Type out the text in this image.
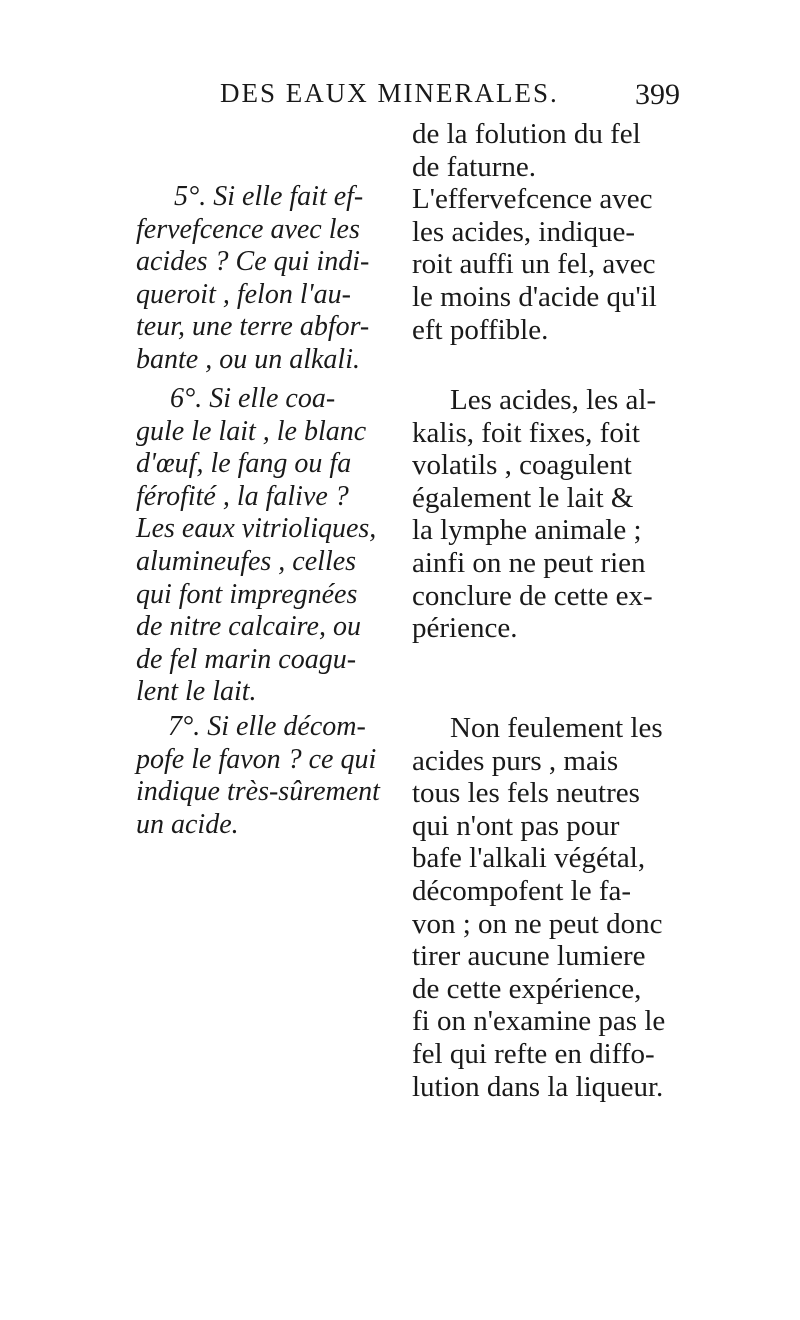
DES EAUX MINERALES.	399
5°. Si elle fait ef-
fervefcence avec les
acides ? Ce qui indi-
queroit , felon l'au-
teur, une terre abfor-
bante , ou un alkali.
6°. Si elle coa-
gule le lait , le blanc
d'œuf, le fang ou fa
férofité , la falive ?
Les eaux vitrioliques,
alumineufes , celles
qui font impregnées
de nitre calcaire, ou
de fel marin coagu-
lent le lait.
7°. Si elle décom-
pofe le favon ? ce qui
indique très-sûrement
un acide.
de la folution du fel
de faturne.
L'effervefcence avec
les acides, indique-
roit auffi un fel, avec
le moins d'acide qu'il
eft poffible.
Les acides, les al-
kalis, foit fixes, foit
volatils , coagulent
également le lait &
la lymphe animale ;
ainfi on ne peut rien
conclure de cette ex-
périence.
Non feulement les
acides purs , mais
tous les fels neutres
qui n'ont pas pour
bafe l'alkali végétal,
décompofent le fa-
von ; on ne peut donc
tirer aucune lumiere
de cette expérience,
fi on n'examine pas le
fel qui refte en diffo-
lution dans la liqueur.
